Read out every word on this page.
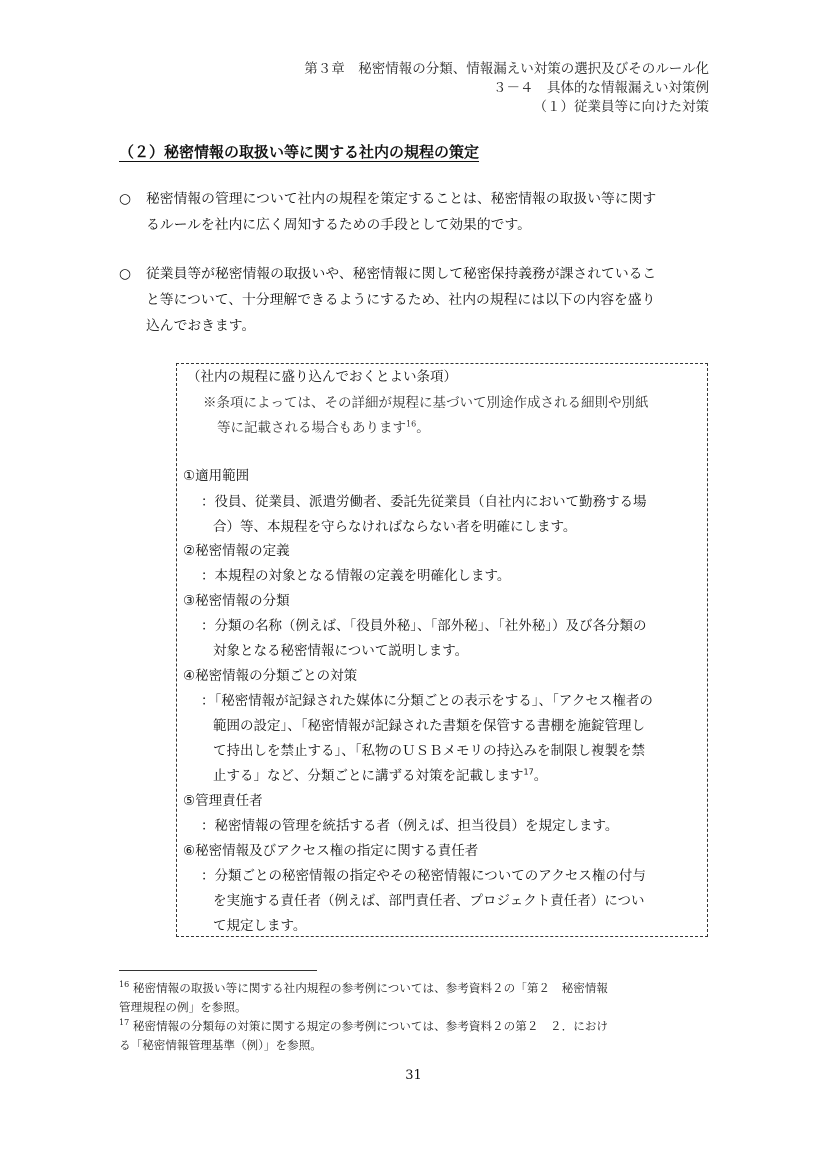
第３章　秘密情報の分類、情報漏えい対策の選択及びそのルール化
３－４　具体的な情報漏えい対策例
（１）従業員等に向けた対策
（２）秘密情報の取扱い等に関する社内の規程の策定
○ 秘密情報の管理について社内の規程を策定することは、秘密情報の取扱い等に関す
るルールを社内に広く周知するための手段として効果的です。
○ 従業員等が秘密情報の取扱いや、秘密情報に関して秘密保持義務が課されているこ
と等について、十分理解できるようにするため、社内の規程には以下の内容を盛り
込んでおきます。
（社内の規程に盛り込んでおくとよい条項）
※条項によっては、その詳細が規程に基づいて別途作成される細則や別紙
等に記載される場合もあります$^{16}$。
①適用範囲
：役員、従業員、派遣労働者、委託先従業員（自社内において勤務する場
合）等、本規程を守らなければならない者を明確にします。
②秘密情報の定義
：本規程の対象となる情報の定義を明確化します。
③秘密情報の分類
：分類の名称（例えば、「役員外秘」、「部外秘」、「社外秘」）及び各分類の
対象となる秘密情報について説明します。
④秘密情報の分類ごとの対策
：「秘密情報が記録された媒体に分類ごとの表示をする」、「アクセス権者の
範囲の設定」、「秘密情報が記録された書類を保管する書棚を施錠管理し
て持出しを禁止する」、「私物のＵＳＢメモリの持込みを制限し複製を禁
止する」など、分類ごとに講ずる対策を記載します$^{17}$。
⑤管理責任者
：秘密情報の管理を統括する者（例えば、担当役員）を規定します。
⑥秘密情報及びアクセス権の指定に関する責任者
：分類ごとの秘密情報の指定やその秘密情報についてのアクセス権の付与
を実施する責任者（例えば、部門責任者、プロジェクト責任者）につい
て規定します。
$^{16}$ 秘密情報の取扱い等に関する社内規程の参考例については、参考資料２の「第２　秘密情報
管理規程の例」を参照。
$^{17}$ 秘密情報の分類毎の対策に関する規定の参考例については、参考資料２の第２　２．におけ
る「秘密情報管理基準（例）」を参照。
31
